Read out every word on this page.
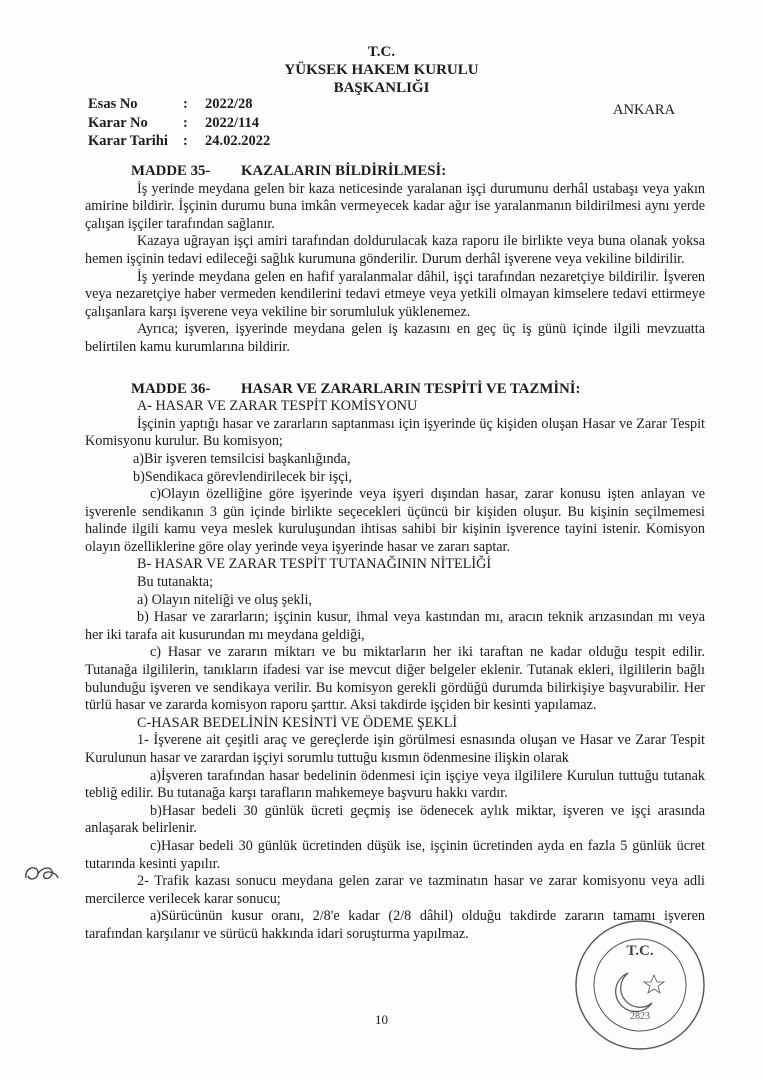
T.C.
YÜKSEK HAKEM KURULU
BAŞKANLIĞI
Esas No	:	2022/28
Karar No	:	2022/114
Karar Tarihi	:	24.02.2022
ANKARA

MADDE 35- KAZALARIN BİLDİRİLMESİ:

İş yerinde meydana gelen bir kaza neticesinde yaralanan işçi durumunu derhâl ustabaşı veya yakın amirine bildirir. İşçinin durumu buna imkân vermeyecek kadar ağır ise yaralanmanın bildirilmesi aynı yerde çalışan işçiler tarafından sağlanır.

Kazaya uğrayan işçi amiri tarafından doldurulacak kaza raporu ile birlikte veya buna olanak yoksa hemen işçinin tedavi edileceği sağlık kurumuna gönderilir. Durum derhâl işverene veya vekiline bildirilir.

İş yerinde meydana gelen en hafif yaralanmalar dâhil, işçi tarafından nezaretçiye bildirilir. İşveren veya nezaretçiye haber vermeden kendilerini tedavi etmeye veya yetkili olmayan kimselere tedavi ettirmeye çalışanlara karşı işverene veya vekiline bir sorumluluk yüklenemez.

Ayrıca; işveren, işyerinde meydana gelen iş kazasını en geç üç iş günü içinde ilgili mevzuatta belirtilen kamu kurumlarına bildirir.

MADDE 36- HASAR VE ZARARLARIN TESPİTİ VE TAZMİNİ:

A- HASAR VE ZARAR TESPİT KOMİSYONU

İşçinin yaptığı hasar ve zararların saptanması için işyerinde üç kişiden oluşan Hasar ve Zarar Tespit Komisyonu kurulur. Bu komisyon;

a)Bir işveren temsilcisi başkanlığında,

b)Sendikaca görevlendirilecek bir işçi,

c)Olayın özelliğine göre işyerinde veya işyeri dışından hasar, zarar konusu işten anlayan ve işverenle sendikanın 3 gün içinde birlikte seçecekleri üçüncü bir kişiden oluşur. Bu kişinin seçilmemesi halinde ilgili kamu veya meslek kuruluşundan ihtisas sahibi bir kişinin işverence tayini istenir. Komisyon olayın özelliklerine göre olay yerinde veya işyerinde hasar ve zararı saptar.

B- HASAR VE ZARAR TESPİT TUTANAĞININ NİTELİĞİ

Bu tutanakta;

a) Olayın niteliği ve oluş şekli,

b) Hasar ve zararların; işçinin kusur, ihmal veya kastından mı, aracın teknik arızasından mı veya her iki tarafa ait kusurundan mı meydana geldiği,

c) Hasar ve zararın miktarı ve bu miktarların her iki taraftan ne kadar olduğu tespit edilir. Tutanağa ilgililerin, tanıkların ifadesi var ise mevcut diğer belgeler eklenir. Tutanak ekleri, ilgililerin bağlı bulunduğu işveren ve sendikaya verilir. Bu komisyon gerekli gördüğü durumda bilirkişiye başvurabilir. Her türlü hasar ve zararda komisyon raporu şarttır. Aksi takdirde işçiden bir kesinti yapılamaz.

C-HASAR BEDELİNİN KESİNTİ VE ÖDEME ŞEKLİ

1- İşverene ait çeşitli araç ve gereçlerde işin görülmesi esnasında oluşan ve Hasar ve Zarar Tespit Kurulunun hasar ve zarardan işçiyi sorumlu tuttuğu kısmın ödenmesine ilişkin olarak

a)İşveren tarafından hasar bedelinin ödenmesi için işçiye veya ilgililere Kurulun tuttuğu tutanak tebliğ edilir. Bu tutanağa karşı tarafların mahkemeye başvuru hakkı vardır.

b)Hasar bedeli 30 günlük ücreti geçmiş ise ödenecek aylık miktar, işveren ve işçi arasında anlaşarak belirlenir.

c)Hasar bedeli 30 günlük ücretinden düşük ise, işçinin ücretinden ayda en fazla 5 günlük ücret tutarında kesinti yapılır.

2- Trafik kazası sonucu meydana gelen zarar ve tazminatın hasar ve zarar komisyonu veya adli mercilerce verilecek karar sonucu;

a)Sürücünün kusur oranı, 2/8'e kadar (2/8 dâhil) olduğu takdirde zararın tamamı işveren tarafından karşılanır ve sürücü hakkında idari soruşturma yapılmaz.

10
T.C.
2823
